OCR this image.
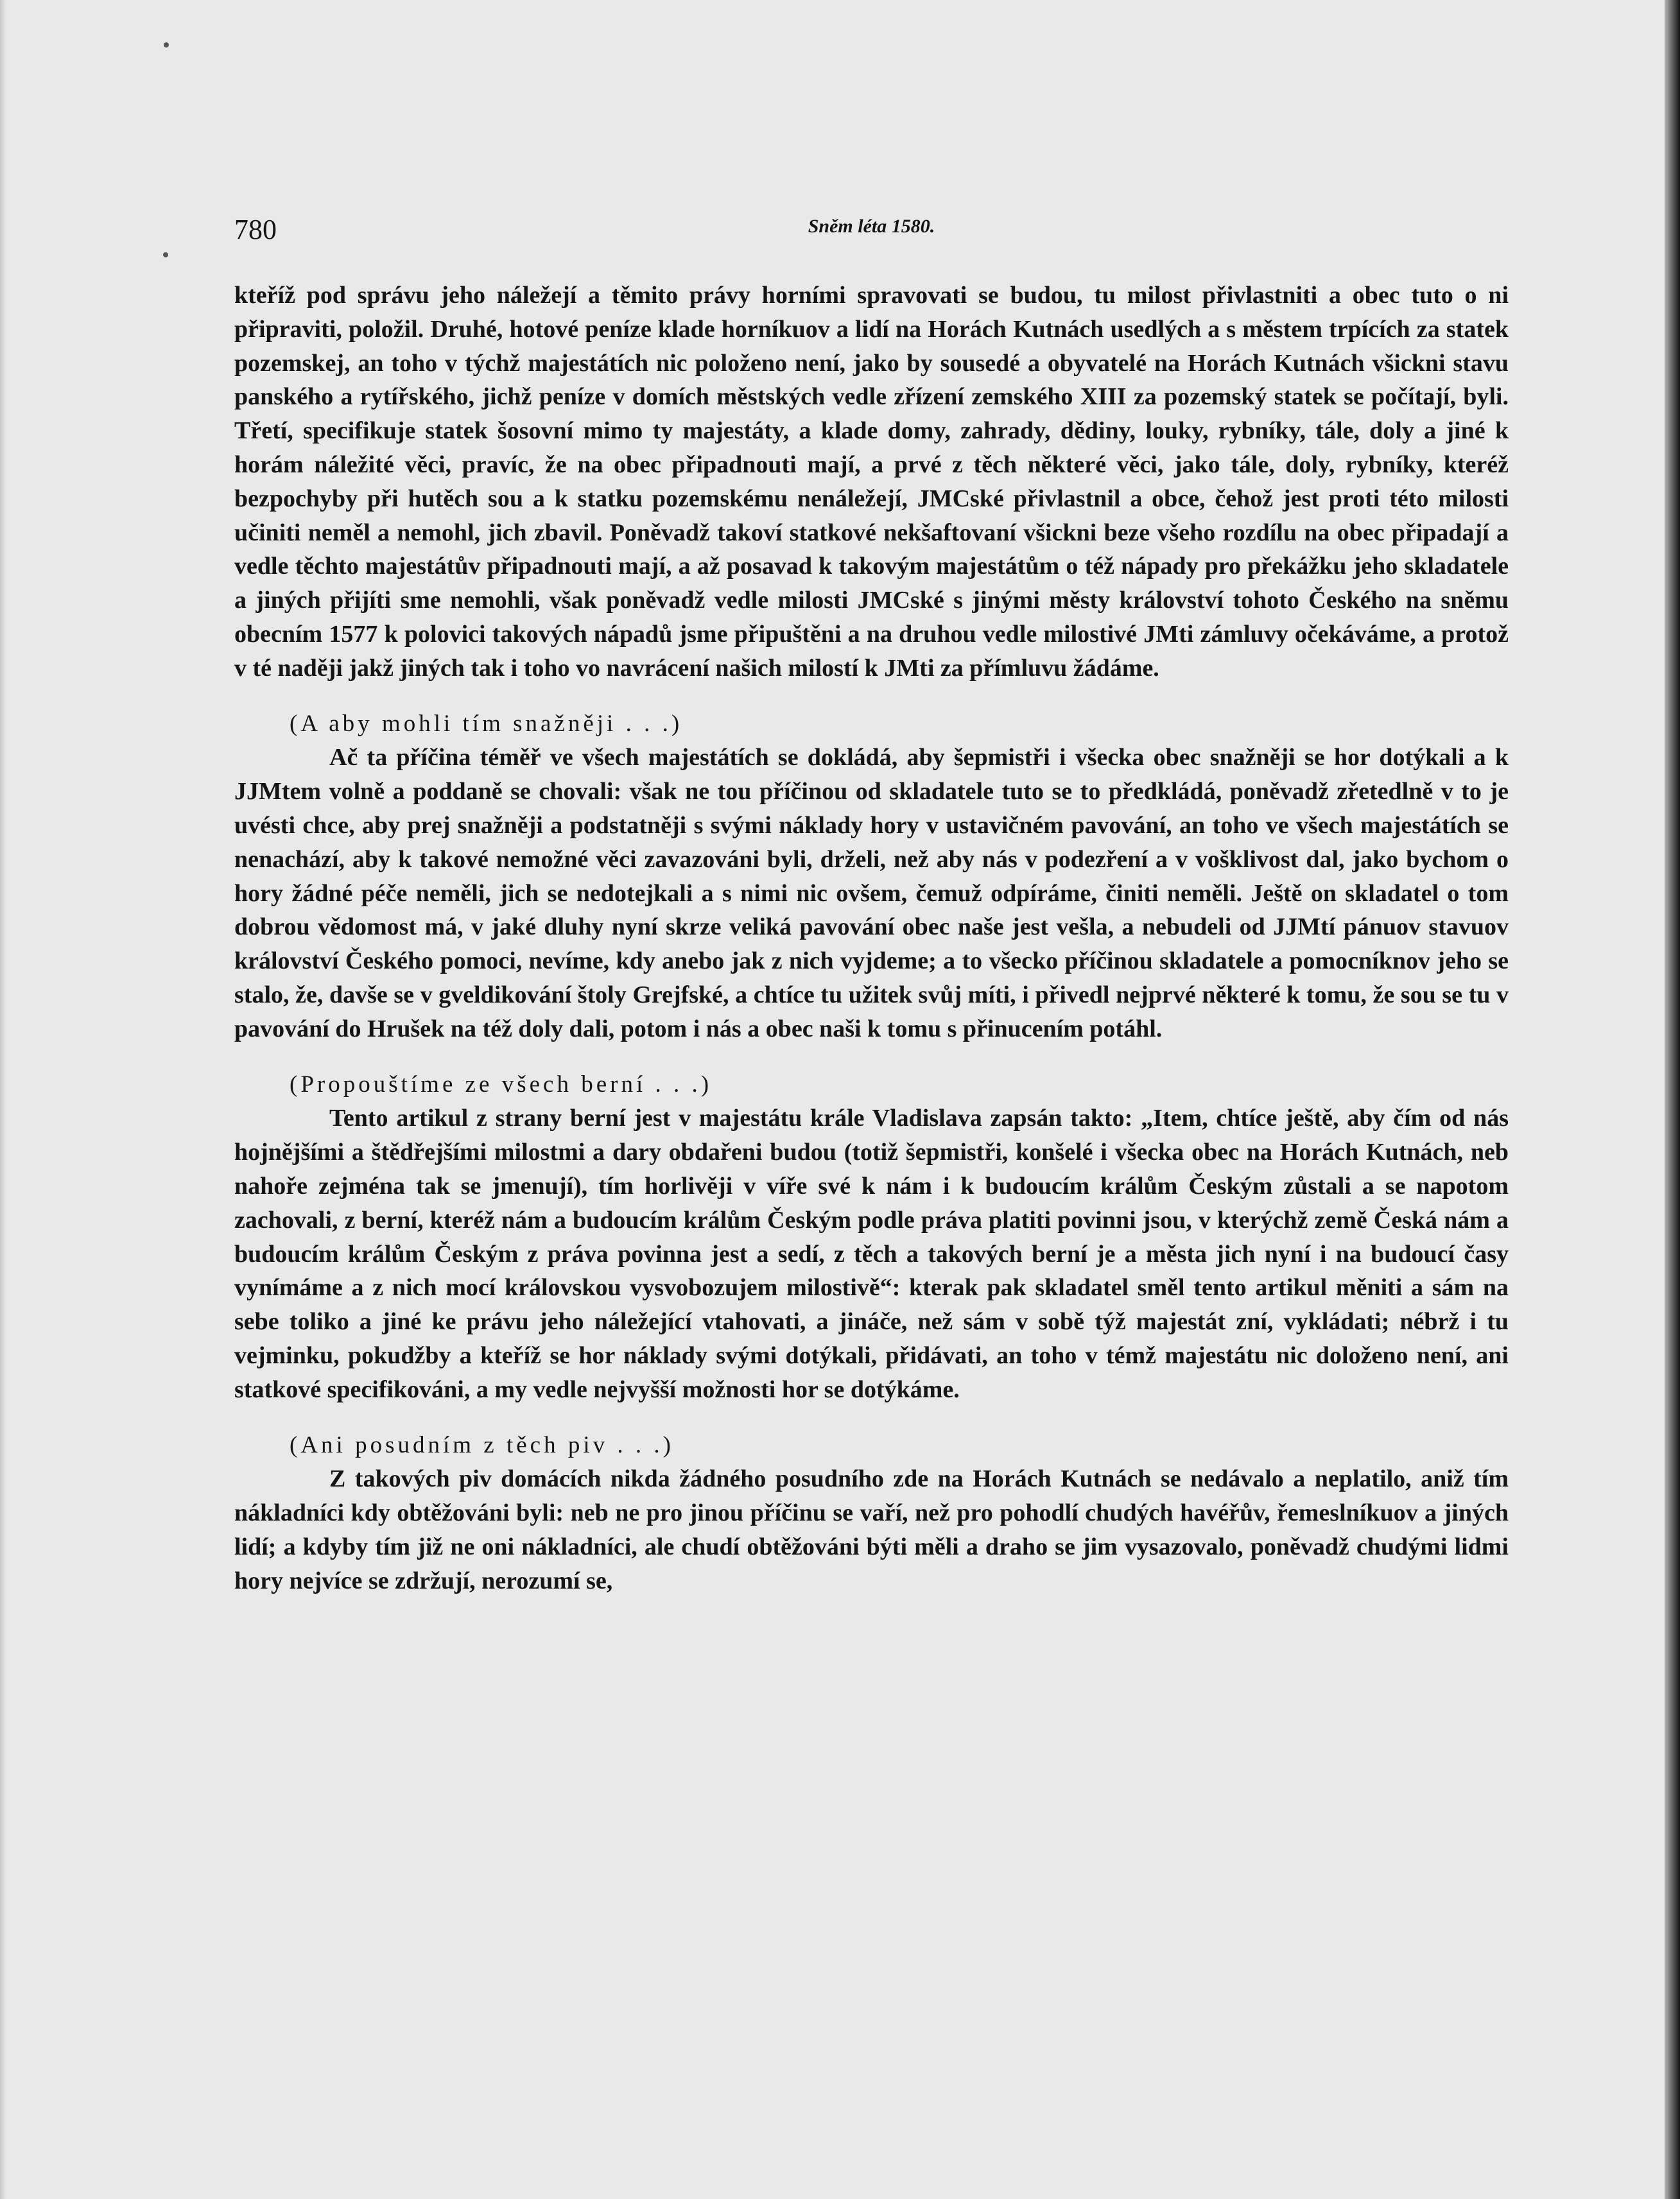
780	Sněm léta 1580.

kteříž pod správu jeho náležejí a těmito právy horními spravovati se budou, tu milost přivlastniti a obec tuto o ni připraviti, položil. Druhé, hotové peníze klade horníkuov a lidí na Horách Kutnách usedlých a s městem trpících za statek pozemskej, an toho v týchž majestátích nic položeno není, jako by sousedé a obyvatelé na Horách Kutnách všickni stavu panského a rytířského, jichž peníze v domích městských vedle zřízení zemského XIII za pozemský statek se počítají, byli. Třetí, specifikuje statek šosovní mimo ty majestáty, a klade domy, zahrady, dědiny, louky, rybníky, tále, doly a jiné k horám náležité věci, pravíc, že na obec připadnouti mají, a prvé z těch některé věci, jako tále, doly, rybníky, kteréž bezpochyby při hutěch sou a k statku pozemskému nenáležejí, JMCské přivlastnil a obce, čehož jest proti této milosti učiniti neměl a nemohl, jich zbavil. Poněvadž takoví statkové nekšaftovaní všickni beze všeho rozdílu na obec připadají a vedle těchto majestátův připadnouti mají, a až posavad k takovým majestátům o též nápady pro překážku jeho skladatele a jiných přijíti sme nemohli, však poněvadž vedle milosti JMCské s jinými městy království tohoto Českého na sněmu obecním 1577 k polovici takových nápadů jsme připuštěni a na druhou vedle milostivé JMti zámluvy očekáváme, a protož v té naději jakž jiných tak i toho vo navrácení našich milostí k JMti za přímluvu žádáme.

(A aby mohli tím snažněji . . .)

Ač ta příčina téměř ve všech majestátích se dokládá, aby šepmistři i všecka obec snažněji se hor dotýkali a k JJMtem volně a poddaně se chovali: však ne tou příčinou od skladatele tuto se to předkládá, poněvadž zřetedlně v to je uvésti chce, aby prej snažněji a podstatněji s svými náklady hory v ustavičném pavování, an toho ve všech majestátích se nenachází, aby k takové nemožné věci zavazováni byli, drželi, než aby nás v podezření a v vošklivost dal, jako bychom o hory žádné péče neměli, jich se nedotejkali a s nimi nic ovšem, čemuž odpíráme, činiti neměli. Ještě on skladatel o tom dobrou vědomost má, v jaké dluhy nyní skrze veliká pavování obec naše jest vešla, a nebudeli od JJMtí pánuov stavuov království Českého pomoci, nevíme, kdy anebo jak z nich vyjdeme; a to všecko příčinou skladatele a pomocníknov jeho se stalo, že, davše se v gveldikování štoly Grejfské, a chtíce tu užitek svůj míti, i přivedl nejprvé některé k tomu, že sou se tu v pavování do Hrušek na též doly dali, potom i nás a obec naši k tomu s přinucením potáhl.

(Propouštíme ze všech berní . . .)

Tento artikul z strany berní jest v majestátu krále Vladislava zapsán takto: „Item, chtíce ještě, aby čím od nás hojnějšími a štědřejšími milostmi a dary obdařeni budou (totiž šepmistři, konšelé i všecka obec na Horách Kutnách, neb nahoře zejména tak se jmenují), tím horlivěji v víře své k nám i k budoucím králům Českým zůstali a se napotom zachovali, z berní, kteréž nám a budoucím králům Českým podle práva platiti povinni jsou, v kterýchž země Česká nám a budoucím králům Českým z práva povinna jest a sedí, z těch a takových berní je a města jich nyní i na budoucí časy vynímáme a z nich mocí královskou vysvobozujem milostivě“: kterak pak skladatel směl tento artikul měniti a sám na sebe toliko a jiné ke právu jeho náležející vtahovati, a jináče, než sám v sobě týž majestát zní, vykládati; nébrž i tu vejminku, pokudžby a kteříž se hor náklady svými dotýkali, přidávati, an toho v témž majestátu nic doloženo není, ani statkové specifikováni, a my vedle nejvyšší možnosti hor se dotýkáme.

(Ani posudním z těch piv . . .)

Z takových piv domácích nikda žádného posudního zde na Horách Kutnách se nedávalo a neplatilo, aniž tím nákladníci kdy obtěžováni byli: neb ne pro jinou příčinu se vaří, než pro pohodlí chudých havéřův, řemeslníkuov a jiných lidí; a kdyby tím již ne oni nákladníci, ale chudí obtěžováni býti měli a draho se jim vysazovalo, poněvadž chudými lidmi hory nejvíce se zdržují, nerozumí se,
